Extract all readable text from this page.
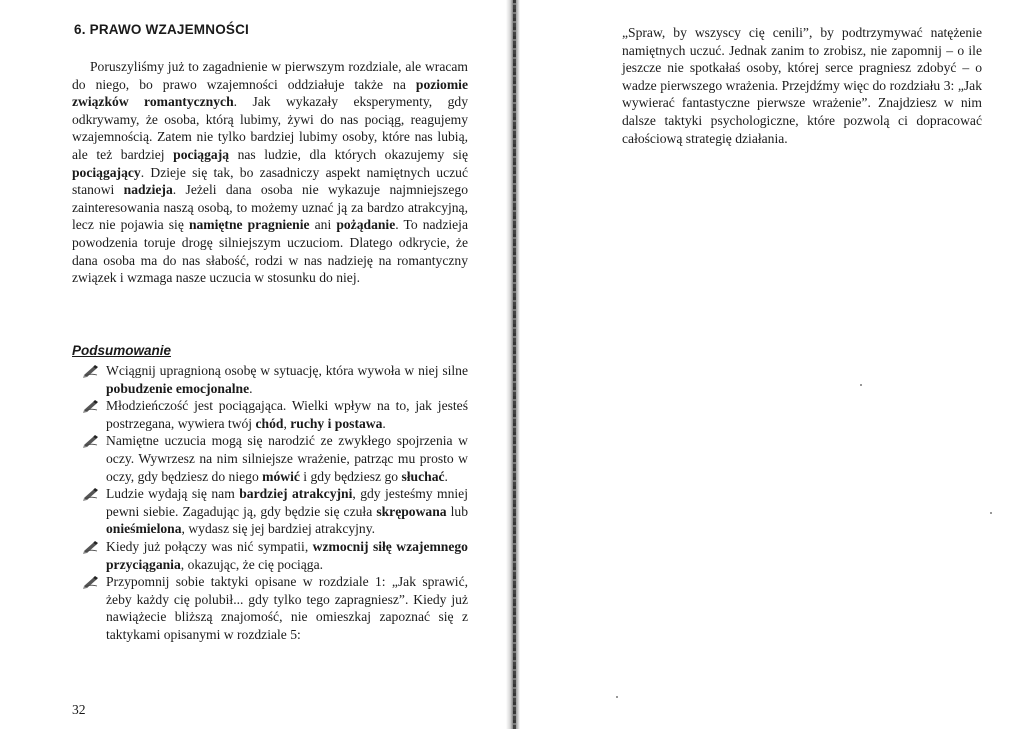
6. PRAWO WZAJEMNOŚCI

Poruszyliśmy już to zagadnienie w pierwszym rozdziale, ale wracam do niego, bo prawo wzajemności oddziałuje także na poziomie związków romantycznych. Jak wykazały eksperymenty, gdy odkrywamy, że osoba, którą lubimy, żywi do nas pociąg, reagujemy wzajemnością. Zatem nie tylko bardziej lubimy osoby, które nas lubią, ale też bardziej pociągają nas ludzie, dla których okazujemy się pociągający. Dzieje się tak, bo zasadniczy aspekt namiętnych uczuć stanowi nadzieja. Jeżeli dana osoba nie wykazuje najmniejszego zainteresowania naszą osobą, to możemy uznać ją za bardzo atrakcyjną, lecz nie pojawia się namiętne pragnienie ani pożądanie. To nadzieja powodzenia toruje drogę silniejszym uczuciom. Dlatego odkrycie, że dana osoba ma do nas słabość, rodzi w nas nadzieję na romantyczny związek i wzmaga nasze uczucia w stosunku do niej.

Podsumowanie
Wciągnij upragnioną osobę w sytuację, która wywoła w niej silne pobudzenie emocjonalne.
Młodzieńczość jest pociągająca. Wielki wpływ na to, jak jesteś postrzegana, wywiera twój chód, ruchy i postawa.
Namiętne uczucia mogą się narodzić ze zwykłego spojrzenia w oczy. Wywrzesz na nim silniejsze wrażenie, patrząc mu prosto w oczy, gdy będziesz do niego mówić i gdy będziesz go słuchać.
Ludzie wydają się nam bardziej atrakcyjni, gdy jesteśmy mniej pewni siebie. Zagadując ją, gdy będzie się czuła skrępowana lub onieśmielona, wydasz się jej bardziej atrakcyjny.
Kiedy już połączy was nić sympatii, wzmocnij siłę wzajemnego przyciągania, okazując, że cię pociąga.
Przypomnij sobie taktyki opisane w rozdziale 1: „Jak sprawić, żeby każdy cię polubił... gdy tylko tego zapragniesz”. Kiedy już nawiążecie bliższą znajomość, nie omieszkaj zapoznać się z taktykami opisanymi w rozdziale 5:
32

„Spraw, by wszyscy cię cenili”, by podtrzymywać natężenie namiętnych uczuć. Jednak zanim to zrobisz, nie zapomnij – o ile jeszcze nie spotkałaś osoby, której serce pragniesz zdobyć – o wadze pierwszego wrażenia. Przejdźmy więc do rozdziału 3: „Jak wywierać fantastyczne pierwsze wrażenie”. Znajdziesz w nim dalsze taktyki psychologiczne, które pozwolą ci dopracować całościową strategię działania.
